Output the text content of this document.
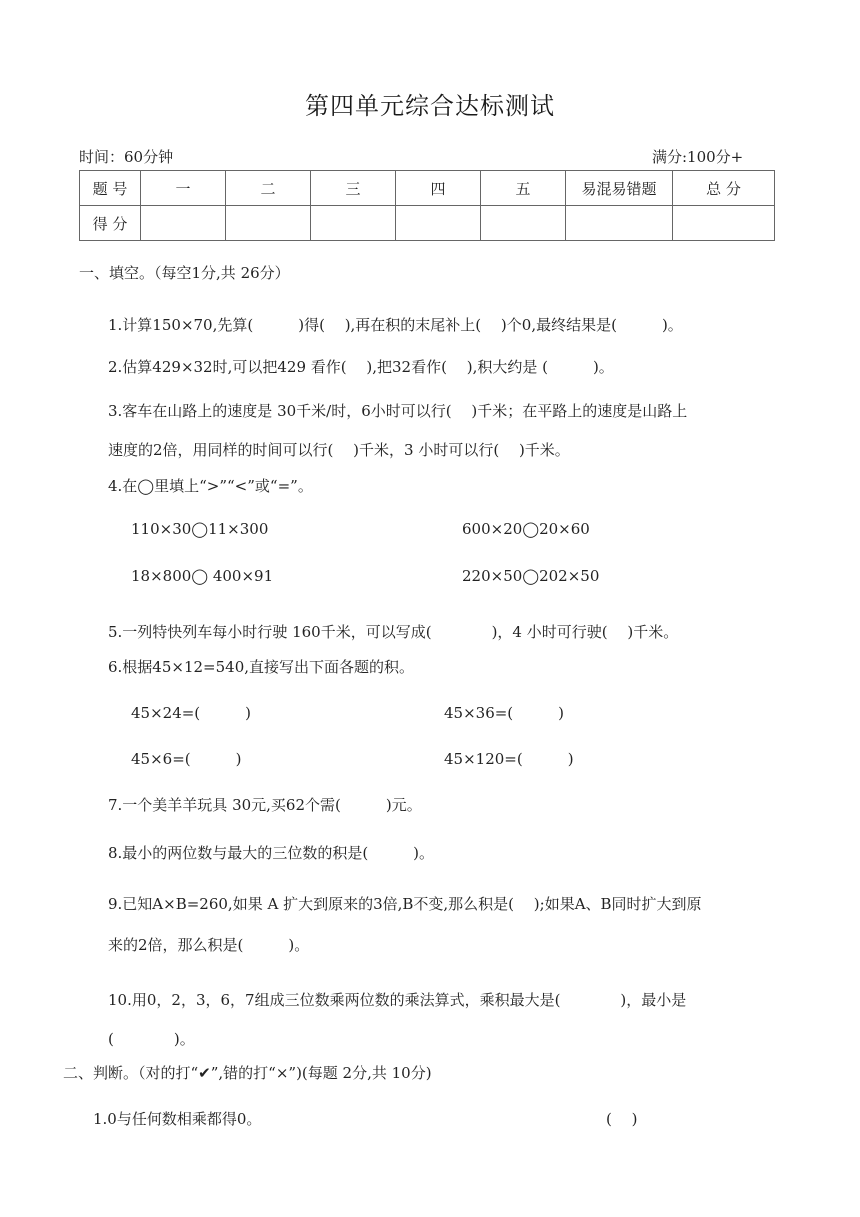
第四单元综合达标测试
时间：60分钟	满分:100分+
题 号	一	二	三	四	五	易混易错题	总 分
得 分							
一、填空。（每空1分,共 26分）
1.计算150×70,先算(　　　)得(　 ),再在积的末尾补上(　 )个0,最终结果是(　　　)。
2.估算429×32时,可以把429 看作(　 ),把32看作(　 ),积大约是 (　　　)。
3.客车在山路上的速度是 30千米/时，6小时可以行(　 )千米；在平路上的速度是山路上
速度的2倍，用同样的时间可以行(　 )千米，3 小时可以行(　 )千米。
4.在◯里填上“>”“<”或“=”。
110×30◯11×300	600×20◯20×60
18×800◯ 400×91	220×50◯202×50
5.一列特快列车每小时行驶 160千米，可以写成(　　　　)，4 小时可行驶(　 )千米。
6.根据45×12=540,直接写出下面各题的积。
45×24=(　　　)	45×36=(　　　)
45×6=(　　　)	45×120=(　　　)
7.一个美羊羊玩具 30元,买62个需(　　　)元。
8.最小的两位数与最大的三位数的积是(　　　)。
9.已知A×B=260,如果 A 扩大到原来的3倍,B不变,那么积是(　 );如果A、B同时扩大到原
来的2倍，那么积是(　　　)。
10.用0，2，3，6，7组成三位数乘两位数的乘法算式，乘积最大是(　　　　)，最小是
(　　　　)。
二、判断。（对的打“✔”,错的打“×”)(每题 2分,共 10分)
1.0与任何数相乘都得0。	(　 )
